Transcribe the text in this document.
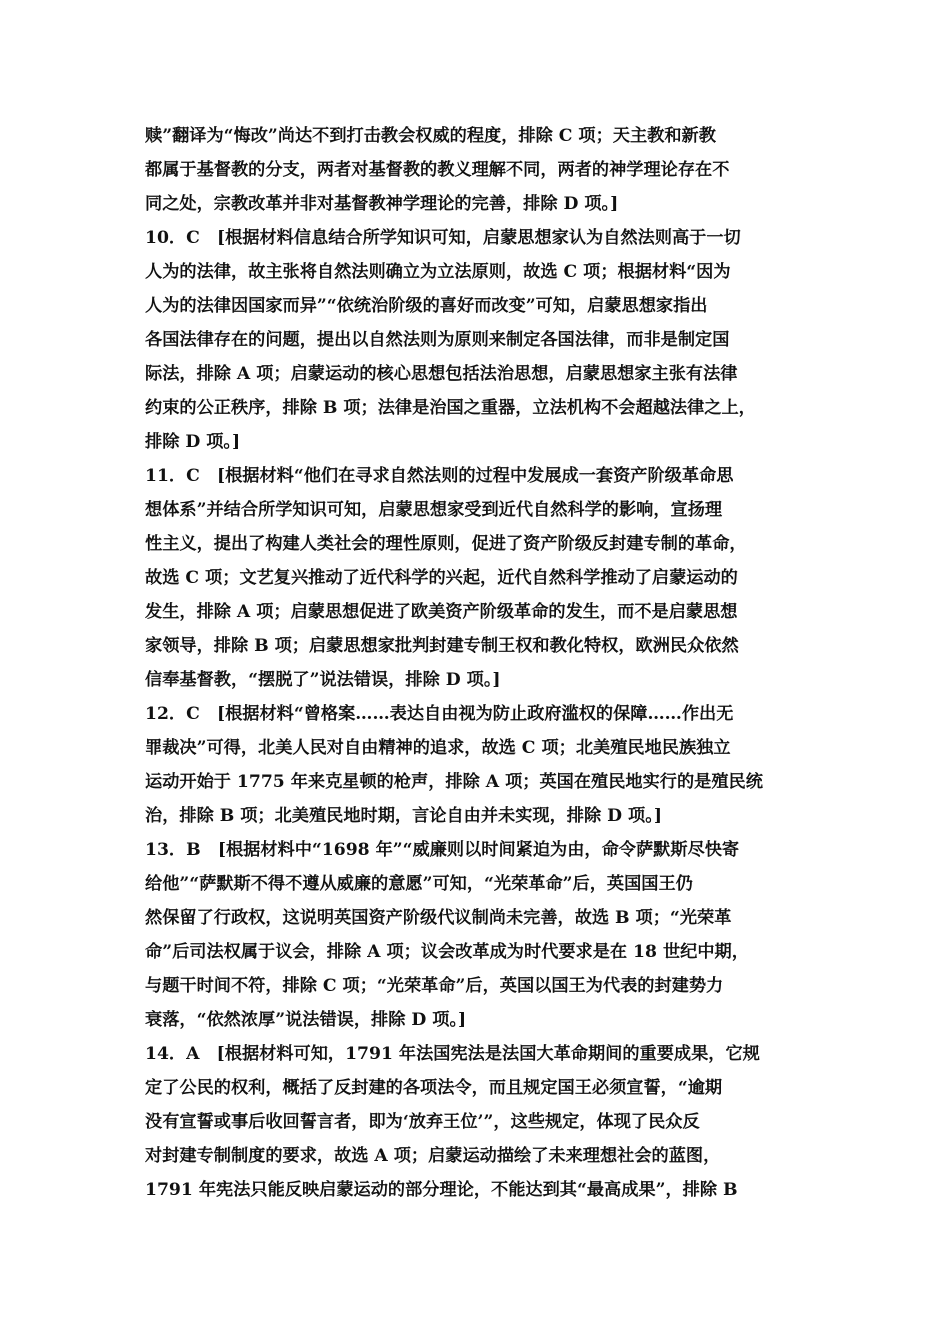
赎”翻译为“悔改”尚达不到打击教会权威的程度，排除 C 项；天主教和新教
都属于基督教的分支，两者对基督教的教义理解不同，两者的神学理论存在不
同之处，宗教改革并非对基督教神学理论的完善，排除 D 项。]
10．C　[根据材料信息结合所学知识可知，启蒙思想家认为自然法则高于一切
人为的法律，故主张将自然法则确立为立法原则，故选 C 项；根据材料“因为
人为的法律因国家而异”“依统治阶级的喜好而改变”可知，启蒙思想家指出
各国法律存在的问题，提出以自然法则为原则来制定各国法律，而非是制定国
际法，排除 A 项；启蒙运动的核心思想包括法治思想，启蒙思想家主张有法律
约束的公正秩序，排除 B 项；法律是治国之重器，立法机构不会超越法律之上，
排除 D 项。]
11．C　[根据材料“他们在寻求自然法则的过程中发展成一套资产阶级革命思
想体系”并结合所学知识可知，启蒙思想家受到近代自然科学的影响，宣扬理
性主义，提出了构建人类社会的理性原则，促进了资产阶级反封建专制的革命，
故选 C 项；文艺复兴推动了近代科学的兴起，近代自然科学推动了启蒙运动的
发生，排除 A 项；启蒙思想促进了欧美资产阶级革命的发生，而不是启蒙思想
家领导，排除 B 项；启蒙思想家批判封建专制王权和教化特权，欧洲民众依然
信奉基督教，“摆脱了”说法错误，排除 D 项。]
12．C　[根据材料“曾格案……表达自由视为防止政府滥权的保障……作出无
罪裁决”可得，北美人民对自由精神的追求，故选 C 项；北美殖民地民族独立
运动开始于 1775 年来克星顿的枪声，排除 A 项；英国在殖民地实行的是殖民统
治，排除 B 项；北美殖民地时期，言论自由并未实现，排除 D 项。]
13．B　[根据材料中“1698 年”“威廉则以时间紧迫为由，命令萨默斯尽快寄
给他”“萨默斯不得不遵从威廉的意愿”可知，“光荣革命”后，英国国王仍
然保留了行政权，这说明英国资产阶级代议制尚未完善，故选 B 项；“光荣革
命”后司法权属于议会，排除 A 项；议会改革成为时代要求是在 18 世纪中期，
与题干时间不符，排除 C 项；“光荣革命”后，英国以国王为代表的封建势力
衰落，“依然浓厚”说法错误，排除 D 项。]
14．A　[根据材料可知，1791 年法国宪法是法国大革命期间的重要成果，它规
定了公民的权利，概括了反封建的各项法令，而且规定国王必须宣誓，“逾期
没有宣誓或事后收回誓言者，即为‘放弃王位’”，这些规定，体现了民众反
对封建专制制度的要求，故选 A 项；启蒙运动描绘了未来理想社会的蓝图，
1791 年宪法只能反映启蒙运动的部分理论，不能达到其“最高成果”，排除 B
